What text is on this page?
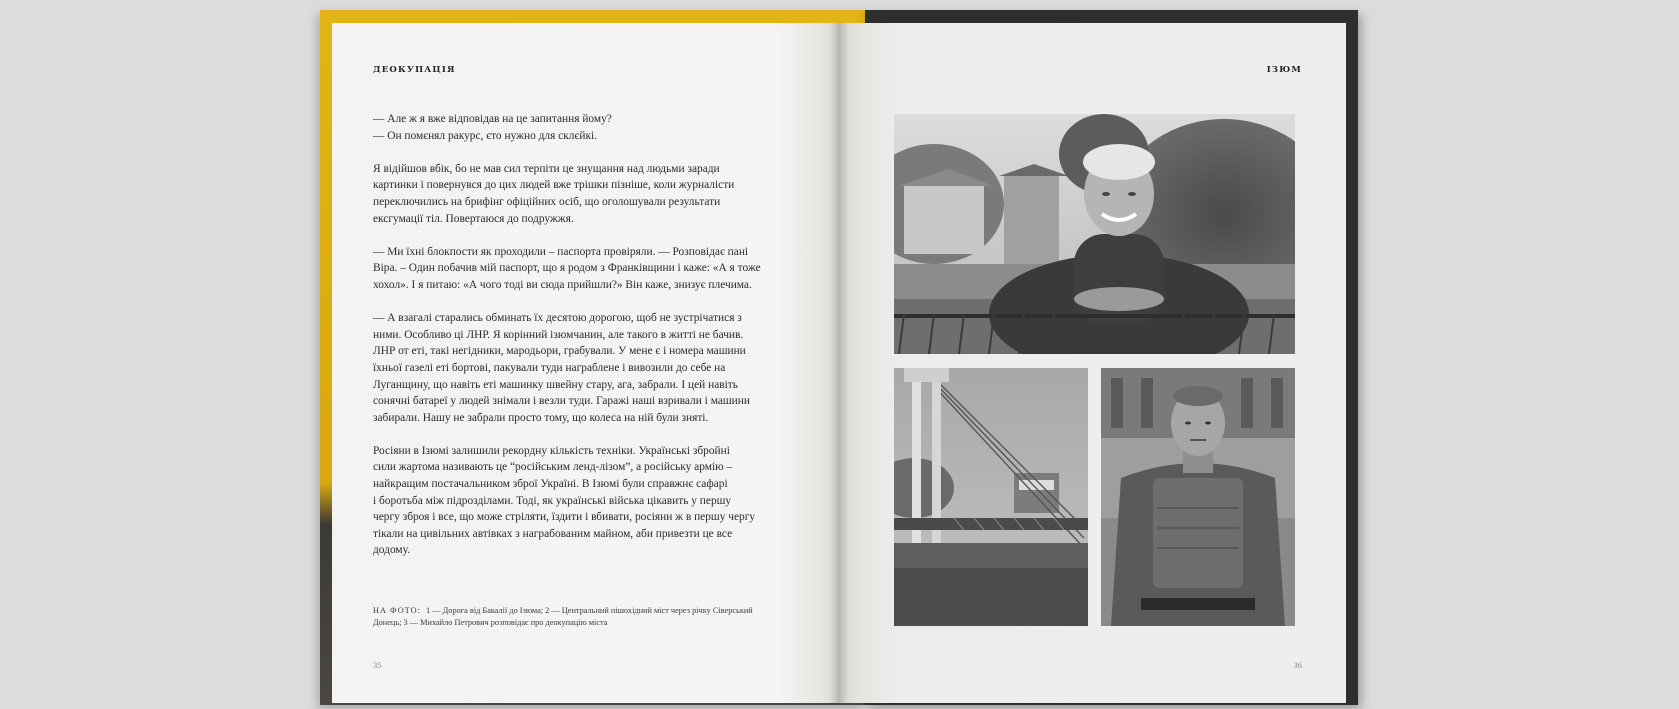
ДЕОКУПАЦІЯ

— Але ж я вже відповідав на це запитання йому?
— Он помєнял ракурс, єто нужно для склєйкі.

Я відійшов вбік, бо не мав сил терпіти це знущання над людьми заради
картинки і повернувся до цих людей вже трішки пізніше, коли журналісти
переключились на брифінг офіційних осіб, що оголошували результати
ексгумації тіл. Повертаюся до подружжя.

— Ми їхні блокпости як проходили – паспорта провіряли. — Розповідає пані
Віра. – Один побачив мій паспорт, що я родом з Франківщини і каже: «А я тоже
хохол». І я питаю: «А чого тоді ви сюда прийшли?» Він каже, знизує плечима.

— А взагалі старались обминать їх десятою дорогою, щоб не зустрічатися з
ними. Особливо ці ЛНР. Я корінний ізюмчанин, але такого в житті не бачив.
ЛНР от еті, такі негідники, мародьори, грабували. У мене є і номера машини
їхньої газелі еті бортові, пакували туди награблене і вивозили до себе на
Луганщину, що навіть еті машинку швейну стару, ага, забрали. І цей навіть
сонячні батареї у людей знімали і везли туди. Гаражі наші взривали і машини
забирали. Нашу не забрали просто тому, що колеса на ній були зняті.

Росіяни в Ізюмі залишили рекордну кількість техніки. Українські збройні
сили жартома називають це “російським ленд-лізом”, а російську армію –
найкращим постачальником зброї Україні. В Ізюмі були справжнє сафарі
і боротьба між підрозділами. Тоді, як українські війська цікавить у першу
чергу зброя і все, що може стріляти, їздити і вбивати, росіяни ж в першу чергу
тікали на цивільних автівках з награбованим майном, аби привезти це все
додому.

НА ФОТО: 1 — Дорога від Бакалії до Ізюма; 2 — Центральний пішохідний міст через річку Сіверський Донець; 3 — Михайло Петрович розповідає про деокупацію міста
35
ІЗЮМ
36
